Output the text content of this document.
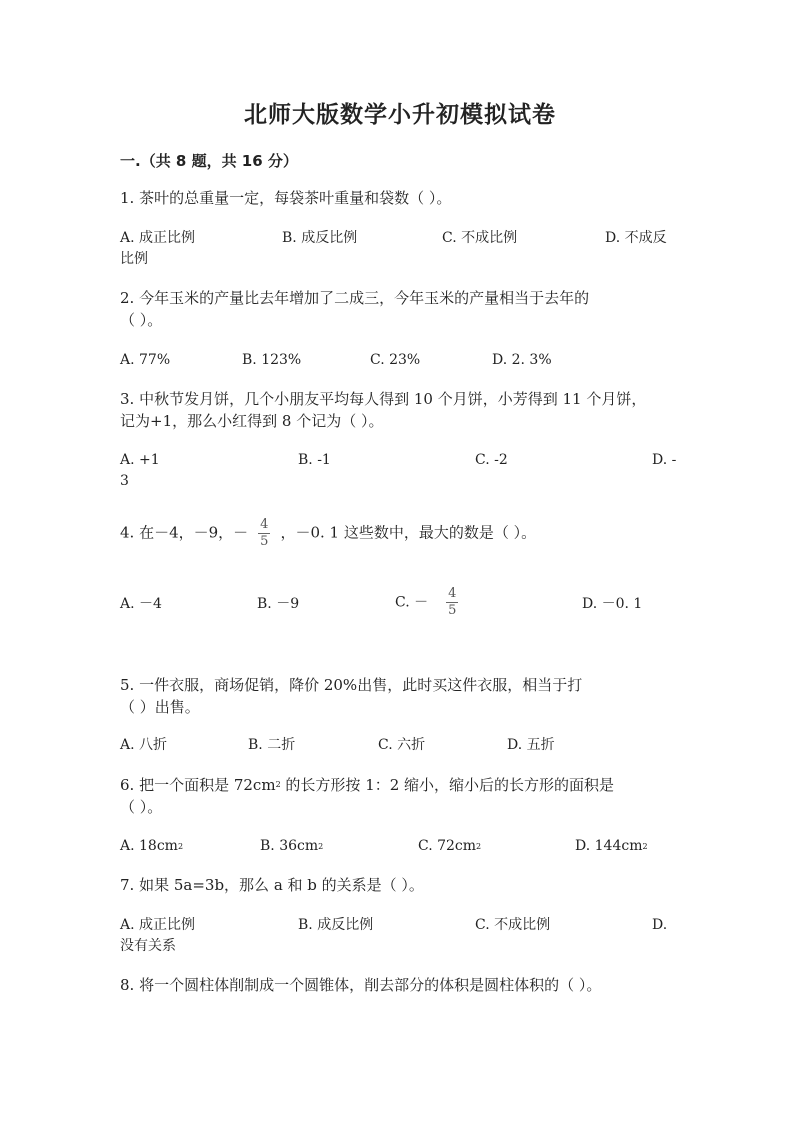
北师大版数学小升初模拟试卷
一.（共 8 题，共 16 分）
1. 茶叶的总重量一定，每袋茶叶重量和袋数（ ）。
A. 成正比例	B. 成反比例	C. 不成比例	D. 不成反
比例
2. 今年玉米的产量比去年增加了二成三，今年玉米的产量相当于去年的
（ ）。
A. 77%	B. 123%	C. 23%	D. 2. 3%
3. 中秋节发月饼，几个小朋友平均每人得到 10 个月饼，小芳得到 11 个月饼，
记为+1，那么小红得到 8 个记为（ ）。
A. +1	B. -1	C. -2	D. -
3
4. 在－4，－9，－ $\frac{4}{5}$ ，－0. 1 这些数中，最大的数是（ ）。
A. －4	B. －9	C. － $\frac{4}{5}$	D. －0. 1
5. 一件衣服，商场促销，降价 20%出售，此时买这件衣服，相当于打
（ ）出售。
A. 八折	B. 二折	C. 六折	D. 五折
6. 把一个面积是 $72cm^2$ 的长方形按 1：2 缩小，缩小后的长方形的面积是
（ ）。
A. $18cm^2$	B. $36cm^2$	C. $72cm^2$	D. $144cm^2$
7. 如果 5a=3b，那么 a 和 b 的关系是（ ）。
A. 成正比例	B. 成反比例	C. 不成比例	D.
没有关系
8. 将一个圆柱体削制成一个圆锥体，削去部分的体积是圆柱体积的（ ）。
